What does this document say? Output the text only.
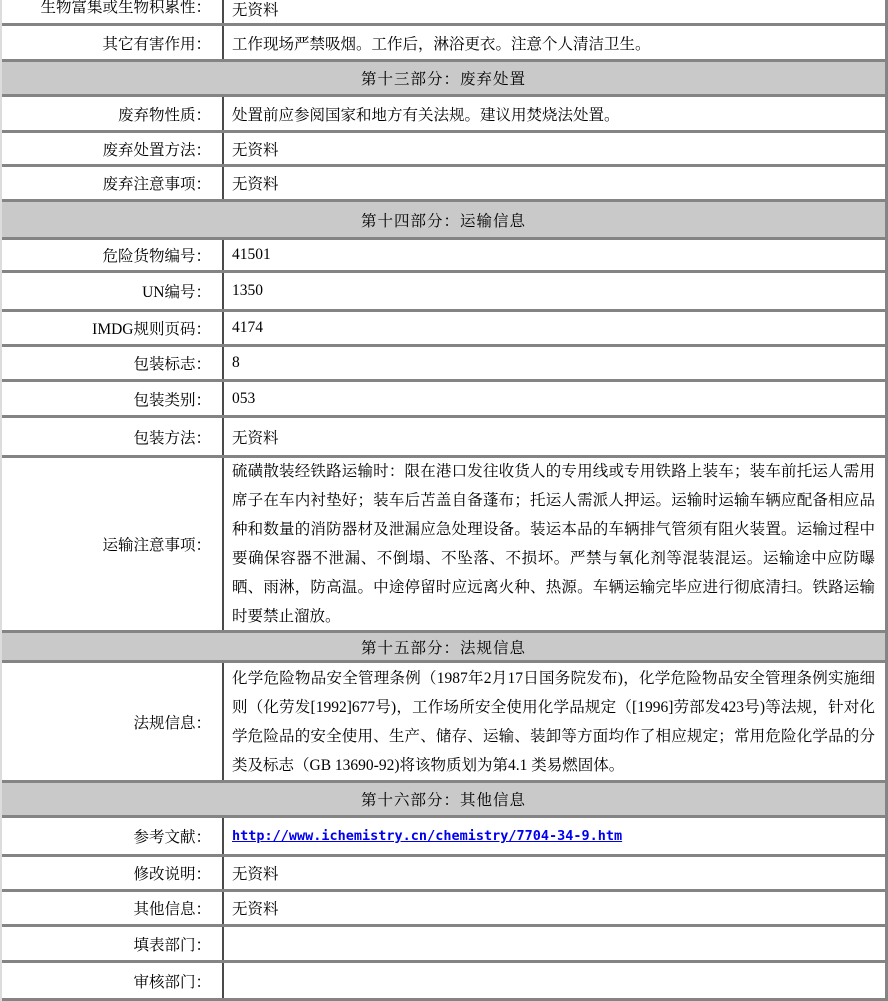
生物富集或生物积累性： 无资料
其它有害作用： 工作现场严禁吸烟。工作后，淋浴更衣。注意个人清洁卫生。
第十三部分：废弃处置
废弃物性质： 处置前应参阅国家和地方有关法规。建议用焚烧法处置。
废弃处置方法： 无资料
废弃注意事项： 无资料
第十四部分：运输信息
危险货物编号： 41501
UN编号： 1350
IMDG规则页码： 4174
包装标志： 8
包装类别： 053
包装方法： 无资料
运输注意事项：
硫磺散装经铁路运输时：限在港口发往收货人的专用线或专用铁路上装车；装车前托运人需用席子在车内衬垫好；装车后苫盖自备蓬布；托运人需派人押运。运输时运输车辆应配备相应品种和数量的消防器材及泄漏应急处理设备。装运本品的车辆排气管须有阻火装置。运输过程中要确保容器不泄漏、不倒塌、不坠落、不损坏。严禁与氧化剂等混装混运。运输途中应防曝晒、雨淋，防高温。中途停留时应远离火种、热源。车辆运输完毕应进行彻底清扫。铁路运输时要禁止溜放。
第十五部分：法规信息
法规信息：
化学危险物品安全管理条例（1987年2月17日国务院发布)，化学危险物品安全管理条例实施细则（化劳发[1992]677号)，工作场所安全使用化学品规定（[1996]劳部发423号)等法规，针对化学危险品的安全使用、生产、储存、运输、装卸等方面均作了相应规定；常用危险化学品的分类及标志（GB 13690-92)将该物质划为第4.1 类易燃固体。
第十六部分：其他信息
参考文献： http://www.ichemistry.cn/chemistry/7704-34-9.htm
修改说明： 无资料
其他信息： 无资料
填表部门：
审核部门：
